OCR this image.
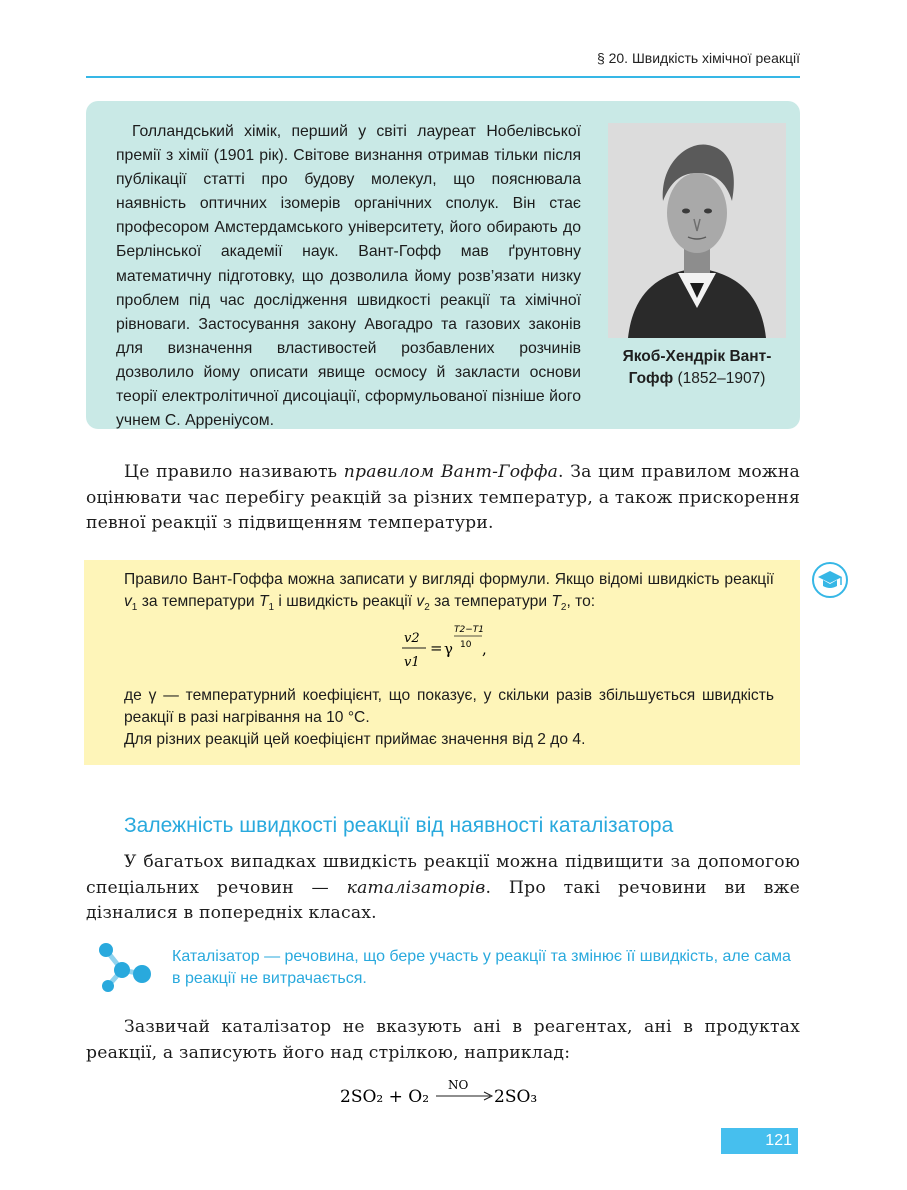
§ 20. Швидкість хімічної реакції
Голландський хімік, перший у світі лауреат Нобелівської премії з хімії (1901 рік). Світове визнання отримав тільки після публікації статті про будову молекул, що пояснювала наявність оптичних ізомерів органічних сполук. Він стає професором Амстердамського університету, його обирають до Берлінської академії наук. Вант-Гофф мав ґрунтовну математичну підготовку, що дозволила йому розв’язати низку проблем під час дослідження швидкості реакції та хімічної рівноваги. Застосування закону Авогадро та газових законів для визначення властивостей розбавлених розчинів дозволило йому описати явище осмосу й закласти основи теорії електролітичної дисоціації, сформульованої пізніше його учнем С. Арреніусом.
Якоб-Хендрік Вант-Гофф (1852–1907)
Це правило називають правилом Вант-Гоффа. За цим правилом можна оцінювати час перебігу реакцій за різних температур, а також прискорення певної реакції з підвищенням температури.
Правило Вант-Гоффа можна записати у вигляді формули. Якщо відомі швидкість реакції $v_1$ за температури $T_1$ і швидкість реакції $v_2$ за температури $T_2$, то:
v2
v1
= γ
T2−T1
10 ,
де γ — температурний коефіцієнт, що показує, у скільки разів збільшується швидкість реакції в разі нагрівання на 10 °С.
Для різних реакцій цей коефіцієнт приймає значення від 2 до 4.
Залежність швидкості реакції від наявності каталізатора
У багатьох випадках швидкість реакції можна підвищити за допомогою спеціальних речовин — каталізаторів. Про такі речовини ви вже дізналися в попередніх класах.
Каталізатор — речовина, що бере участь у реакції та змінює її швидкість, але сама в реакції не витрачається.
Зазвичай каталізатор не вказують ані в реагентах, ані в продуктах реакції, а записують його над стрілкою, наприклад:
2SO₂ + O₂
NO
2SO₃
121
